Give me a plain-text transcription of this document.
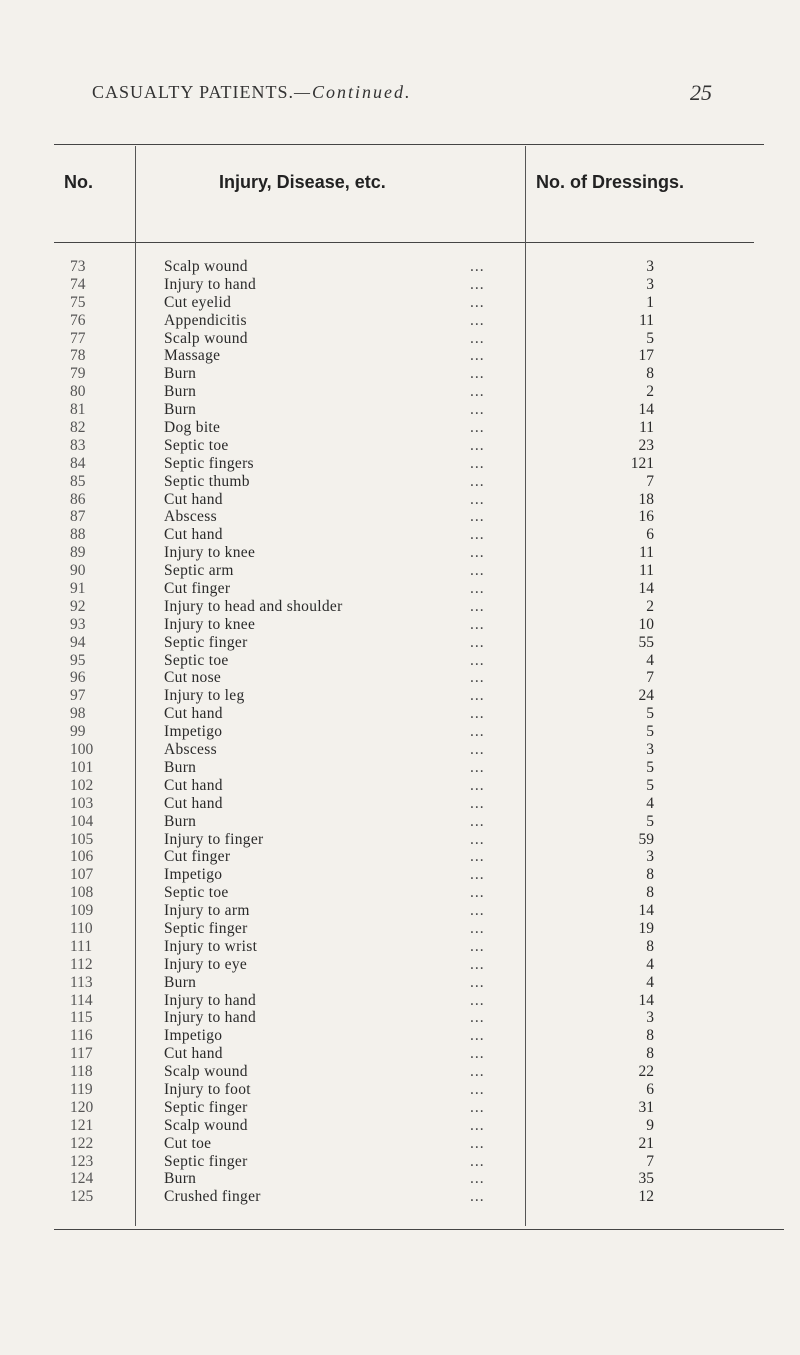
CASUALTY PATIENTS.—Continued.	25
No.	Injury, Disease, etc.	No. of Dressings.
73	Scalp wound	...	3
74	Injury to hand	...	3
75	Cut eyelid	...	1
76	Appendicitis	...	11
77	Scalp wound	...	5
78	Massage	...	17
79	Burn	...	8
80	Burn	...	2
81	Burn	...	14
82	Dog bite	...	11
83	Septic toe	...	23
84	Septic fingers	...	121
85	Septic thumb	...	7
86	Cut hand	...	18
87	Abscess	...	16
88	Cut hand	...	6
89	Injury to knee	...	11
90	Septic arm	...	11
91	Cut finger	...	14
92	Injury to head and shoulder	...	2
93	Injury to knee	...	10
94	Septic finger	...	55
95	Septic toe	...	4
96	Cut nose	...	7
97	Injury to leg	...	24
98	Cut hand	...	5
99	Impetigo	...	5
100	Abscess	...	3
101	Burn	...	5
102	Cut hand	...	5
103	Cut hand	...	4
104	Burn	...	5
105	Injury to finger	...	59
106	Cut finger	...	3
107	Impetigo	...	8
108	Septic toe	...	8
109	Injury to arm	...	14
110	Septic finger	...	19
111	Injury to wrist	...	8
112	Injury to eye	...	4
113	Burn	...	4
114	Injury to hand	...	14
115	Injury to hand	...	3
116	Impetigo	...	8
117	Cut hand	...	8
118	Scalp wound	...	22
119	Injury to foot	...	6
120	Septic finger	...	31
121	Scalp wound	...	9
122	Cut toe	...	21
123	Septic finger	...	7
124	Burn	...	35
125	Crushed finger	...	12
